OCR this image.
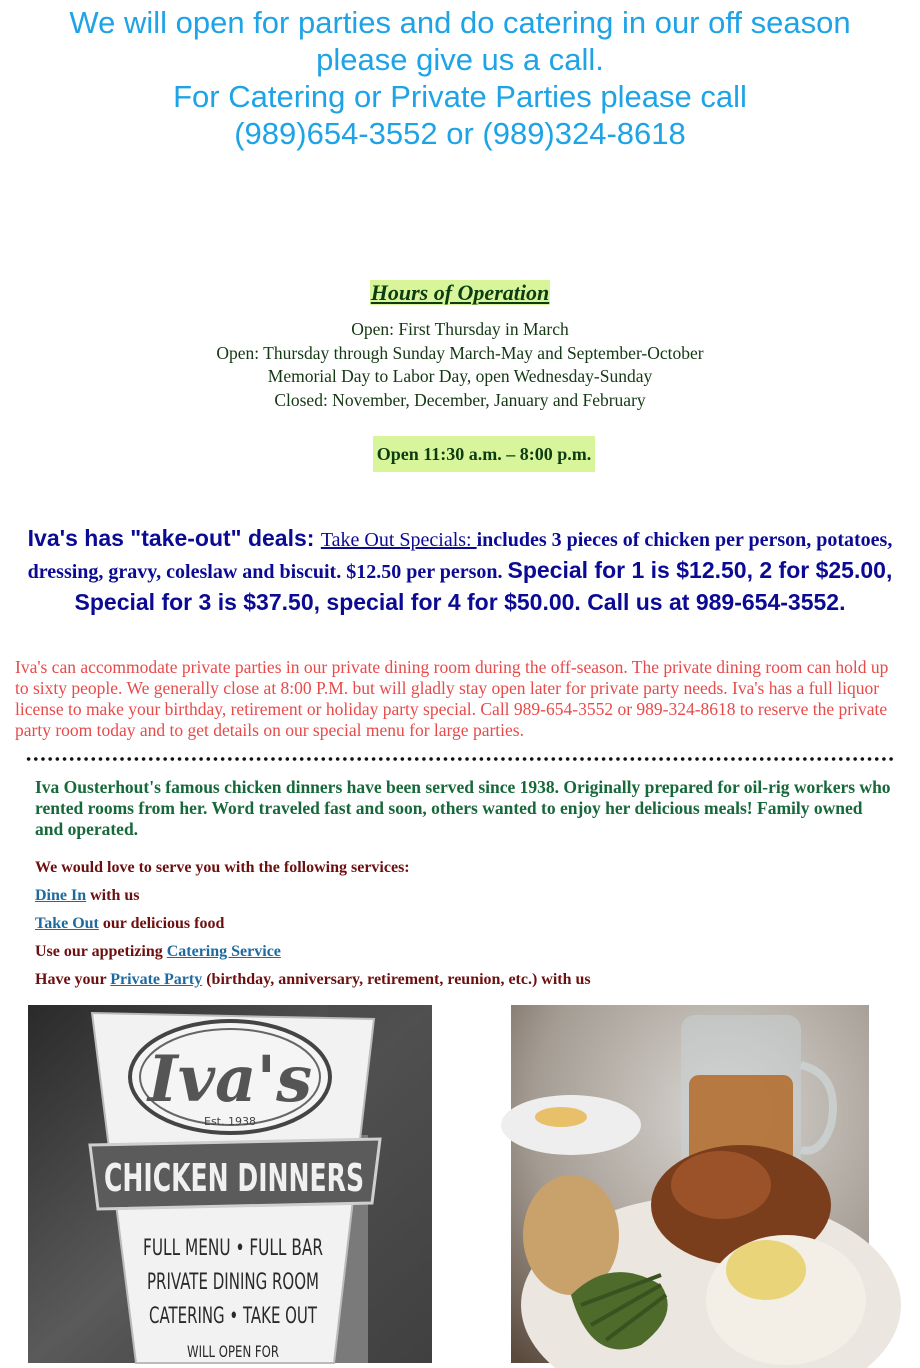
We will open for parties and do catering in our off season
please give us a call.
For Catering or Private Parties please call
(989)654-3552 or (989)324-8618
Hours of Operation
Open: First Thursday in March
Open: Thursday through Sunday March-May and September-October
Memorial Day to Labor Day, open Wednesday-Sunday
Closed: November, December, January and February
Open 11:30 a.m. – 8:00 p.m.
Iva's has "take-out" deals: Take Out Specials: includes 3 pieces of chicken per person, potatoes, dressing, gravy, coleslaw and biscuit. $12.50 per person. Special for 1 is $12.50, 2 for $25.00, Special for 3 is $37.50, special for 4 for $50.00. Call us at 989-654-3552.
Iva's can accommodate private parties in our private dining room during the off-season. The private dining room can hold up to sixty people. We generally close at 8:00 P.M. but will gladly stay open later for private party needs. Iva's has a full liquor license to make your birthday, retirement or holiday party special. Call 989-654-3552 or 989-324-8618 to reserve the private party room today and to get details on our special menu for large parties.
Iva Ousterhout's famous chicken dinners have been served since 1938. Originally prepared for oil-rig workers who rented rooms from her. Word traveled fast and soon, others wanted to enjoy her delicious meals! Family owned and operated.

We would love to serve you with the following services:

Dine In with us

Take Out our delicious food

Use our appetizing Catering Service

Have your Private Party (birthday, anniversary, retirement, reunion, etc.) with us

Iva's
Est. 1938
CHICKEN DINNERS
FULL MENU • FULL BAR
PRIVATE DINING ROOM
CATERING • TAKE OUT
WILL OPEN FOR
